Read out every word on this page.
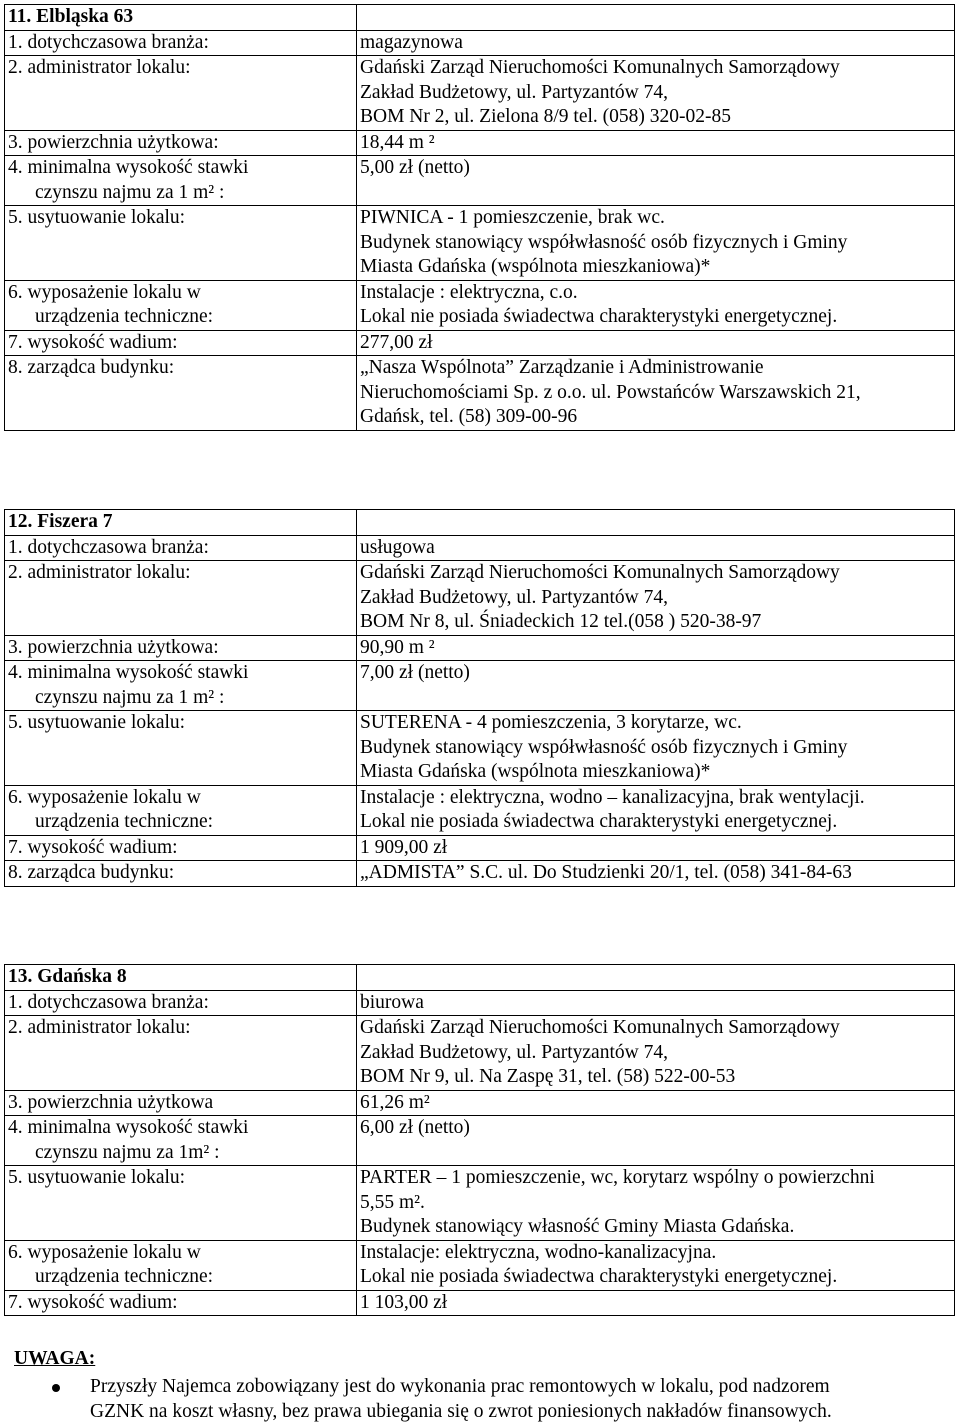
11. Elbląska 63	

1. dotychczasowa branża:	magazynowa

2. administrator lokalu:	Gdański Zarząd Nieruchomości Komunalnych Samorządowy
Zakład Budżetowy, ul. Partyzantów 74,
BOM Nr 2, ul. Zielona 8/9 tel. (058) 320-02-85

3. powierzchnia użytkowa:	18,44 m ²

4. minimalna wysokość stawki
czynszu najmu za 1 m² :	5,00 zł (netto)

5. usytuowanie lokalu:	PIWNICA - 1 pomieszczenie, brak wc.
Budynek stanowiący współwłasność osób fizycznych i Gminy
Miasta Gdańska (wspólnota mieszkaniowa)*

6. wyposażenie lokalu w
urządzenia techniczne:	Instalacje : elektryczna, c.o.
Lokal nie posiada świadectwa charakterystyki energetycznej.

7. wysokość wadium:	277,00 zł

8. zarządca budynku:	„Nasza Wspólnota” Zarządzanie i Administrowanie
Nieruchomościami Sp. z o.o. ul. Powstańców Warszawskich 21,
Gdańsk, tel. (58) 309-00-96
12. Fiszera 7	

1. dotychczasowa branża:	usługowa

2. administrator lokalu:	Gdański Zarząd Nieruchomości Komunalnych Samorządowy
Zakład Budżetowy, ul. Partyzantów 74,
BOM Nr 8, ul. Śniadeckich 12 tel.(058 ) 520-38-97

3. powierzchnia użytkowa:	90,90 m ²

4. minimalna wysokość stawki
czynszu najmu za 1 m² :	7,00 zł (netto)

5. usytuowanie lokalu:	SUTERENA - 4 pomieszczenia, 3 korytarze, wc.
Budynek stanowiący współwłasność osób fizycznych i Gminy
Miasta Gdańska (wspólnota mieszkaniowa)*

6. wyposażenie lokalu w
urządzenia techniczne:	Instalacje : elektryczna, wodno – kanalizacyjna, brak wentylacji.
Lokal nie posiada świadectwa charakterystyki energetycznej.

7. wysokość wadium:	1 909,00 zł

8. zarządca budynku:	„ADMISTA” S.C. ul. Do Studzienki 20/1, tel. (058) 341-84-63
13. Gdańska 8	

1. dotychczasowa branża:	biurowa

2. administrator lokalu:	Gdański Zarząd Nieruchomości Komunalnych Samorządowy
Zakład Budżetowy, ul. Partyzantów 74,
BOM Nr 9, ul. Na Zaspę 31, tel. (58) 522-00-53

3. powierzchnia użytkowa	61,26 m²

4. minimalna wysokość stawki
czynszu najmu za 1m² :	6,00 zł (netto)

5. usytuowanie lokalu:	PARTER – 1 pomieszczenie, wc, korytarz wspólny o powierzchni
5,55 m².
Budynek stanowiący własność Gminy Miasta Gdańska.

6. wyposażenie lokalu w
urządzenia techniczne:	Instalacje: elektryczna, wodno-kanalizacyjna.
Lokal nie posiada świadectwa charakterystyki energetycznej.

7. wysokość wadium:	1 103,00 zł
UWAGA:
Przyszły Najemca zobowiązany jest do wykonania prac remontowych w lokalu, pod nadzorem
GZNK na koszt własny, bez prawa ubiegania się o zwrot poniesionych nakładów finansowych.
